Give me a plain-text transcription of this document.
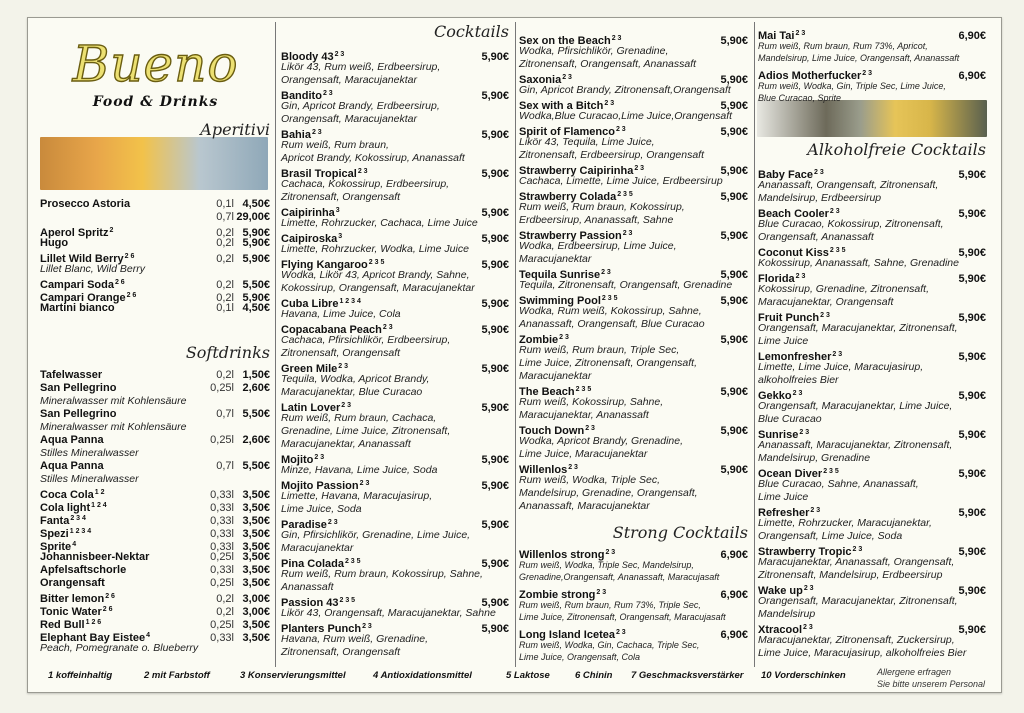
Bueno
Food & Drinks
Aperitivi
Prosecco Astoria	0,1l 4,50€
0,7l 29,00€
Aperol Spritz$^2$	0,2l 5,90€
Hugo	0,2l 5,90€
Lillet Wild Berry$^{2 6}$	0,2l 5,90€
Lillet Blanc, Wild Berry
Campari Soda$^{2 6}$	0,2l 5,50€
Campari Orange$^{2 6}$	0,2l 5,90€
Martini bianco	0,1l 4,50€
Softdrinks
Tafelwasser	0,2l 1,50€
San Pellegrino	0,25l 2,60€
Mineralwasser mit Kohlensäure
San Pellegrino	0,7l 5,50€
Mineralwasser mit Kohlensäure
Aqua Panna	0,25l 2,60€
Stilles Mineralwasser
Aqua Panna	0,7l 5,50€
Stilles Mineralwasser
Coca Cola$^{1 2}$	0,33l 3,50€
Cola light$^{1 2 4}$	0,33l 3,50€
Fanta$^{2 3 4}$	0,33l 3,50€
Spezi$^{1 2 3 4}$	0,33l 3,50€
Sprite$^4$	0,33l 3,50€
Johannisbeer-Nektar	0,25l 3,50€
Apfelsaftschorle	0,33l 3,50€
Orangensaft	0,25l 3,50€
Bitter lemon$^{2 6}$	0,2l 3,00€
Tonic Water$^{2 6}$	0,2l 3,00€
Red Bull$^{1 2 6}$	0,25l 3,50€
Elephant Bay Eistee$^4$	0,33l 3,50€
Peach, Pomegranate o. Blueberry
Cocktails
Bloody $43^{2 3}$	5,90€
Likör 43, Rum weiß, Erdbeersirup,
Orangensaft, Maracujanektar
Bandito$^{2 3}$	5,90€
Gin, Apricot Brandy, Erdbeersirup,
Orangensaft, Maracujanektar
Bahia$^{2 3}$	5,90€
Rum weiß, Rum braun,
Apricot Brandy, Kokossirup, Ananassaft
Brasil Tropical$^{2 3}$	5,90€
Cachaca, Kokossirup, Erdbeersirup,
Zitronensaft, Orangensaft
Caipirinha$^3$	5,90€
Limette, Rohrzucker, Cachaca, Lime Juice
Caipiroska$^3$	5,90€
Limette, Rohrzucker, Wodka, Lime Juice
Flying Kangaroo$^{2 3 5}$	5,90€
Wodka, Likör 43, Apricot Brandy, Sahne,
Kokossirup, Orangensaft, Maracujanektar
Cuba Libre$^{1 2 3 4}$	5,90€
Havana, Lime Juice, Cola
Copacabana Peach$^{2 3}$	5,90€
Cachaca, Pfirsichlikör, Erdbeersirup,
Zitronensaft, Orangensaft
Green Mile$^{2 3}$	5,90€
Tequila, Wodka, Apricot Brandy,
Maracujanektar, Blue Curacao
Latin Lover$^{2 3}$	5,90€
Rum weiß, Rum braun, Cachaca,
Grenadine, Lime Juice, Zitronensaft,
Maracujanektar, Ananassaft
Mojito$^{2 3}$	5,90€
Minze, Havana, Lime Juice, Soda
Mojito Passion$^{2 3}$	5,90€
Limette, Havana, Maracujasirup,
Lime Juice, Soda
Paradise$^{2 3}$	5,90€
Gin, Pfirsichlikör, Grenadine, Lime Juice,
Maracujanektar
Pina Colada$^{2 3 5}$	5,90€
Rum weiß, Rum braun, Kokossirup, Sahne,
Ananassaft
Passion $43^{2 3 5}$	5,90€
Likör 43, Orangensaft, Maracujanektar, Sahne
Planters Punch$^{2 3}$	5,90€
Havana, Rum weiß, Grenadine,
Zitronensaft, Orangensaft
Sex on the Beach$^{2 3}$	5,90€
Wodka, Pfirsichlikör, Grenadine,
Zitronensaft, Orangensaft, Ananassaft
Saxonia$^{2 3}$	5,90€
Gin, Apricot Brandy, Zitronensaft,Orangensaft
Sex with a Bitch$^{2 3}$	5,90€
Wodka,Blue Curacao,Lime Juice,Orangensaft
Spirit of Flamenco$^{2 3}$	5,90€
Likör 43, Tequila, Lime Juice,
Zitronensaft, Erdbeersirup, Orangensaft
Strawberry Caipirinha$^{2 3}$	5,90€
Cachaca, Limette, Lime Juice, Erdbeersirup
Strawberry Colada$^{2 3 5}$	5,90€
Rum weiß, Rum braun, Kokossirup,
Erdbeersirup, Ananassaft, Sahne
Strawberry Passion$^{2 3}$	5,90€
Wodka, Erdbeersirup, Lime Juice,
Maracujanektar
Tequila Sunrise$^{2 3}$	5,90€
Tequila, Zitronensaft, Orangensaft, Grenadine
Swimming Pool$^{2 3 5}$	5,90€
Wodka, Rum weiß, Kokossirup, Sahne,
Ananassaft, Orangensaft, Blue Curacao
Zombie$^{2 3}$	5,90€
Rum weiß, Rum braun, Triple Sec,
Lime Juice, Zitronensaft, Orangensaft,
Maracujanektar
The Beach$^{2 3 5}$	5,90€
Rum weiß, Kokossirup, Sahne,
Maracujanektar, Ananassaft
Touch Down$^{2 3}$	5,90€
Wodka, Apricot Brandy, Grenadine,
Lime Juice, Maracujanektar
Willenlos$^{2 3}$	5,90€
Rum weiß, Wodka, Triple Sec,
Mandelsirup, Grenadine, Orangensaft,
Ananassaft, Maracujanektar
Strong Cocktails
Willenlos strong$^{2 3}$	6,90€
Rum weiß, Wodka, Triple Sec, Mandelsirup,
Grenadine,Orangensaft, Ananassaft, Maracujasaft
Zombie strong$^{2 3}$	6,90€
Rum weiß, Rum braun, Rum 73%, Triple Sec,
Lime Juice, Zitronensaft, Orangensaft, Maracujasaft
Long Island Icetea$^{2 3}$	6,90€
Rum weiß, Wodka, Gin, Cachaca, Triple Sec,
Lime Juice, Orangensaft, Cola
Mai Tai$^{2 3}$	6,90€
Rum weiß, Rum braun, Rum 73%, Apricot,
Mandelsirup, Lime Juice, Orangensaft, Ananassaft
Adios Motherfucker$^{2 3}$	6,90€
Rum weiß, Wodka, Gin, Triple Sec, Lime Juice,
Blue Curacao, Sprite
Alkoholfreie Cocktails
Baby Face$^{2 3}$	5,90€
Ananassaft, Orangensaft, Zitronensaft,
Mandelsirup, Erdbeersirup
Beach Cooler$^{2 3}$	5,90€
Blue Curacao, Kokossirup, Zitronensaft,
Orangensaft, Ananassaft
Coconut Kiss$^{2 3 5}$	5,90€
Kokossirup, Ananassaft, Sahne, Grenadine
Florida$^{2 3}$	5,90€
Kokossirup, Grenadine, Zitronensaft,
Maracujanektar, Orangensaft
Fruit Punch$^{2 3}$	5,90€
Orangensaft, Maracujanektar, Zitronensaft,
Lime Juice
Lemonfresher$^{2 3}$	5,90€
Limette, Lime Juice, Maracujasirup,
alkoholfreies Bier
Gekko$^{2 3}$	5,90€
Orangensaft, Maracujanektar, Lime Juice,
Blue Curacao
Sunrise$^{2 3}$	5,90€
Ananassaft, Maracujanektar, Zitronensaft,
Mandelsirup, Grenadine
Ocean Diver$^{2 3 5}$	5,90€
Blue Curacao, Sahne, Ananassaft,
Lime Juice
Refresher$^{2 3}$	5,90€
Limette, Rohrzucker, Maracujanektar,
Orangensaft, Lime Juice, Soda
Strawberry Tropic$^{2 3}$	5,90€
Maracujanektar, Ananassaft, Orangensaft,
Zitronensaft, Mandelsirup, Erdbeersirup
Wake $up^{2 3}$	5,90€
Orangensaft, Maracujanektar, Zitronensaft,
Mandelsirup
Xtracool$^{2 3}$	5,90€
Maracujanektar, Zitronensaft, Zuckersirup,
Lime Juice, Maracujasirup, alkoholfreies Bier
1 koffeinhaltig	2 mit Farbstoff	3 Konservierungsmittel	4 Antioxidationsmittel	5 Laktose	6 Chinin 7 Geschmacksverstärker 10 Vorderschinken	Allergene erfragen
Sie bitte unserem Personal
